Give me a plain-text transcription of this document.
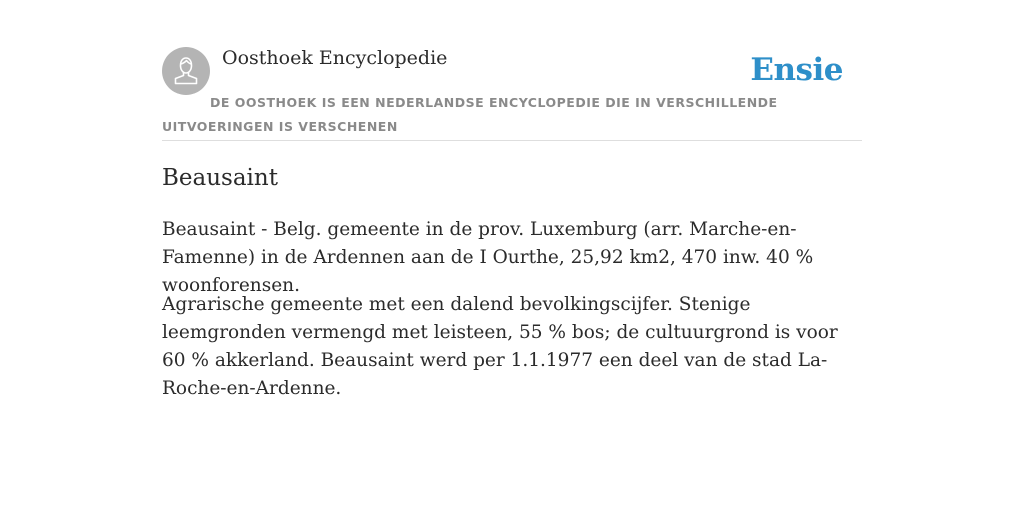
Oosthoek Encyclopedie	Ensie

DE OOSTHOEK IS EEN NEDERLANDSE ENCYCLOPEDIE DIE IN VERSCHILLENDE UITVOERINGEN IS VERSCHENEN

Beausaint

Beausaint - Belg. gemeente in de prov. Luxemburg (arr. Marche-en-Famenne) in de Ardennen aan de I Ourthe, 25,92 km2, 470 inw. 40 % woonforensen.

Agrarische gemeente met een dalend bevolkingscijfer. Stenige leemgronden vermengd met leisteen, 55 % bos; de cultuurgrond is voor 60 % akkerland. Beausaint werd per 1.1.1977 een deel van de stad La-Roche-en-Ardenne.
